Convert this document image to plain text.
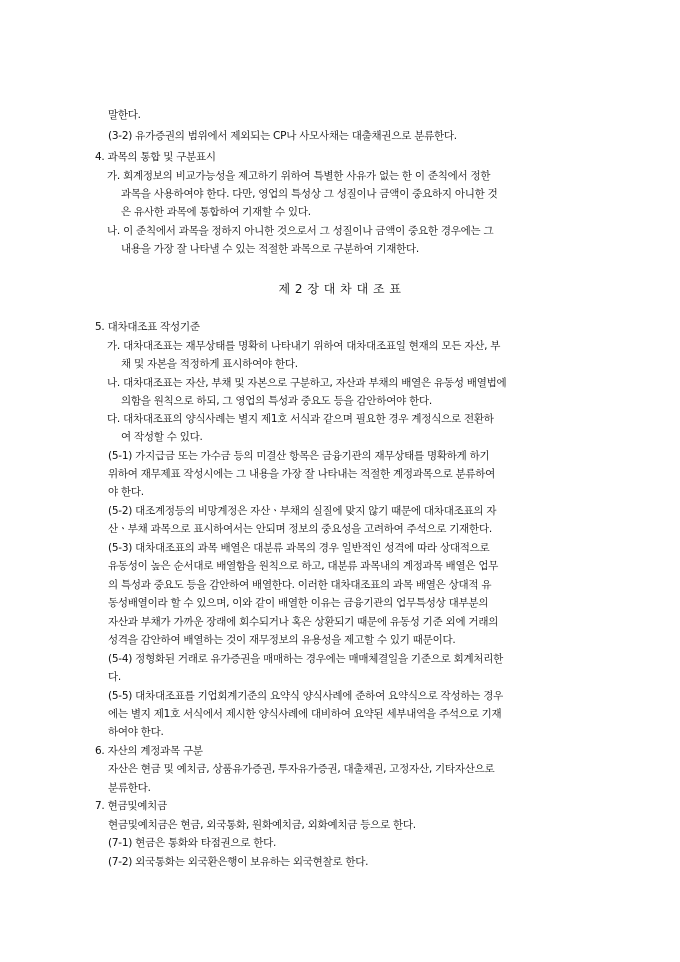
말한다.
(3-2) 유가증권의 범위에서 제외되는 CP나 사모사채는 대출채권으로 분류한다.
4. 과목의 통합 및 구분표시
가. 회계정보의 비교가능성을 제고하기 위하여 특별한 사유가 없는 한 이 준칙에서 정한
과목을 사용하여야 한다. 다만, 영업의 특성상 그 성질이나 금액이 중요하지 아니한 것
은 유사한 과목에 통합하여 기재할 수 있다.
나. 이 준칙에서 과목을 정하지 아니한 것으로서 그 성질이나 금액이 중요한 경우에는 그
내용을 가장 잘 나타낼 수 있는 적절한 과목으로 구분하여 기재한다.
제 2 장 대 차 대 조 표
5. 대차대조표 작성기준
가. 대차대조표는 재무상태를 명확히 나타내기 위하여 대차대조표일 현재의 모든 자산, 부
채 및 자본을 적정하게 표시하여야 한다.
나. 대차대조표는 자산, 부채 및 자본으로 구분하고, 자산과 부채의 배열은 유동성 배열법에
의함을 원칙으로 하되, 그 영업의 특성과 중요도 등을 감안하여야 한다.
다. 대차대조표의 양식사례는 별지 제1호 서식과 같으며 필요한 경우 계정식으로 전환하
여 작성할 수 있다.
(5-1) 가지급금 또는 가수금 등의 미결산 항목은 금융기관의 재무상태를 명확하게 하기
위하여 재무제표 작성시에는 그 내용을 가장 잘 나타내는 적절한 계정과목으로 분류하여
야 한다.
(5-2) 대조계정등의 비망계정은 자산ㆍ부채의 실질에 맞지 않기 때문에 대차대조표의 자
산ㆍ부채 과목으로 표시하여서는 안되며 정보의 중요성을 고려하여 주석으로 기재한다.
(5-3) 대차대조표의 과목 배열은 대분류 과목의 경우 일반적인 성격에 따라 상대적으로
유동성이 높은 순서대로 배열함을 원칙으로 하고, 대분류 과목내의 계정과목 배열은 업무
의 특성과 중요도 등을 감안하여 배열한다. 이러한 대차대조표의 과목 배열은 상대적 유
동성배열이라 할 수 있으며, 이와 같이 배열한 이유는 금융기관의 업무특성상 대부분의
자산과 부채가 가까운 장래에 회수되거나 혹은 상환되기 때문에 유동성 기준 외에 거래의
성격을 감안하여 배열하는 것이 재무정보의 유용성을 제고할 수 있기 때문이다.
(5-4) 정형화된 거래로 유가증권을 매매하는 경우에는 매매체결일을 기준으로 회계처리한
다.
(5-5) 대차대조표를 기업회계기준의 요약식 양식사례에 준하여 요약식으로 작성하는 경우
에는 별지 제1호 서식에서 제시한 양식사례에 대비하여 요약된 세부내역을 주석으로 기재
하여야 한다.
6. 자산의 계정과목 구분
자산은 현금 및 예치금, 상품유가증권, 투자유가증권, 대출채권, 고정자산, 기타자산으로
분류한다.
7. 현금및예치금
현금및예치금은 현금, 외국통화, 원화예치금, 외화예치금 등으로 한다.
(7-1) 현금은 통화와 타점권으로 한다.
(7-2) 외국통화는 외국환은행이 보유하는 외국현찰로 한다.
